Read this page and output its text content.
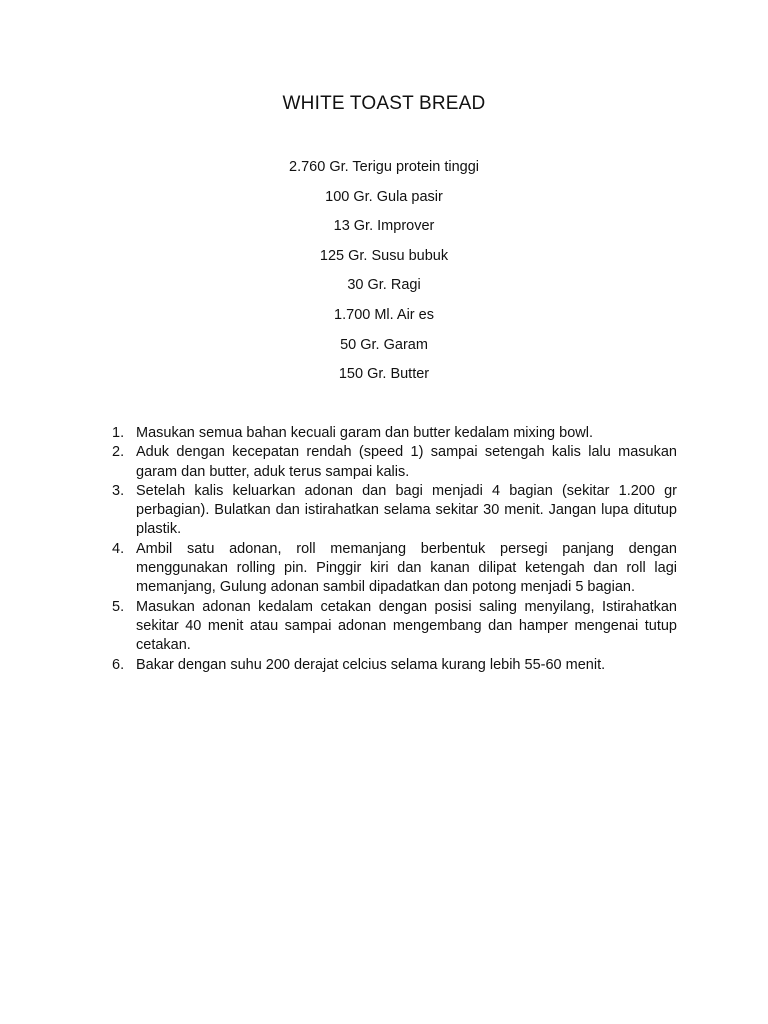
WHITE TOAST BREAD
2.760 Gr. Terigu protein tinggi
100 Gr. Gula pasir
13 Gr. Improver
125 Gr. Susu bubuk
30 Gr. Ragi
1.700 Ml. Air es
50 Gr. Garam
150 Gr. Butter
1. Masukan semua bahan kecuali garam dan butter kedalam mixing bowl.
2. Aduk dengan kecepatan rendah (speed 1) sampai setengah kalis lalu masukan garam dan butter, aduk terus sampai kalis.
3. Setelah kalis keluarkan adonan dan bagi menjadi 4 bagian (sekitar 1.200 gr perbagian). Bulatkan dan istirahatkan selama sekitar 30 menit. Jangan lupa ditutup plastik.
4. Ambil satu adonan, roll memanjang berbentuk persegi panjang dengan menggunakan rolling pin. Pinggir kiri dan kanan dilipat ketengah dan roll lagi memanjang, Gulung adonan sambil dipadatkan dan potong menjadi 5 bagian.
5. Masukan adonan kedalam cetakan dengan posisi saling menyilang, Istirahatkan sekitar 40 menit atau sampai adonan mengembang dan hamper mengenai tutup cetakan.
6. Bakar dengan suhu 200 derajat celcius selama kurang lebih 55-60 menit.
